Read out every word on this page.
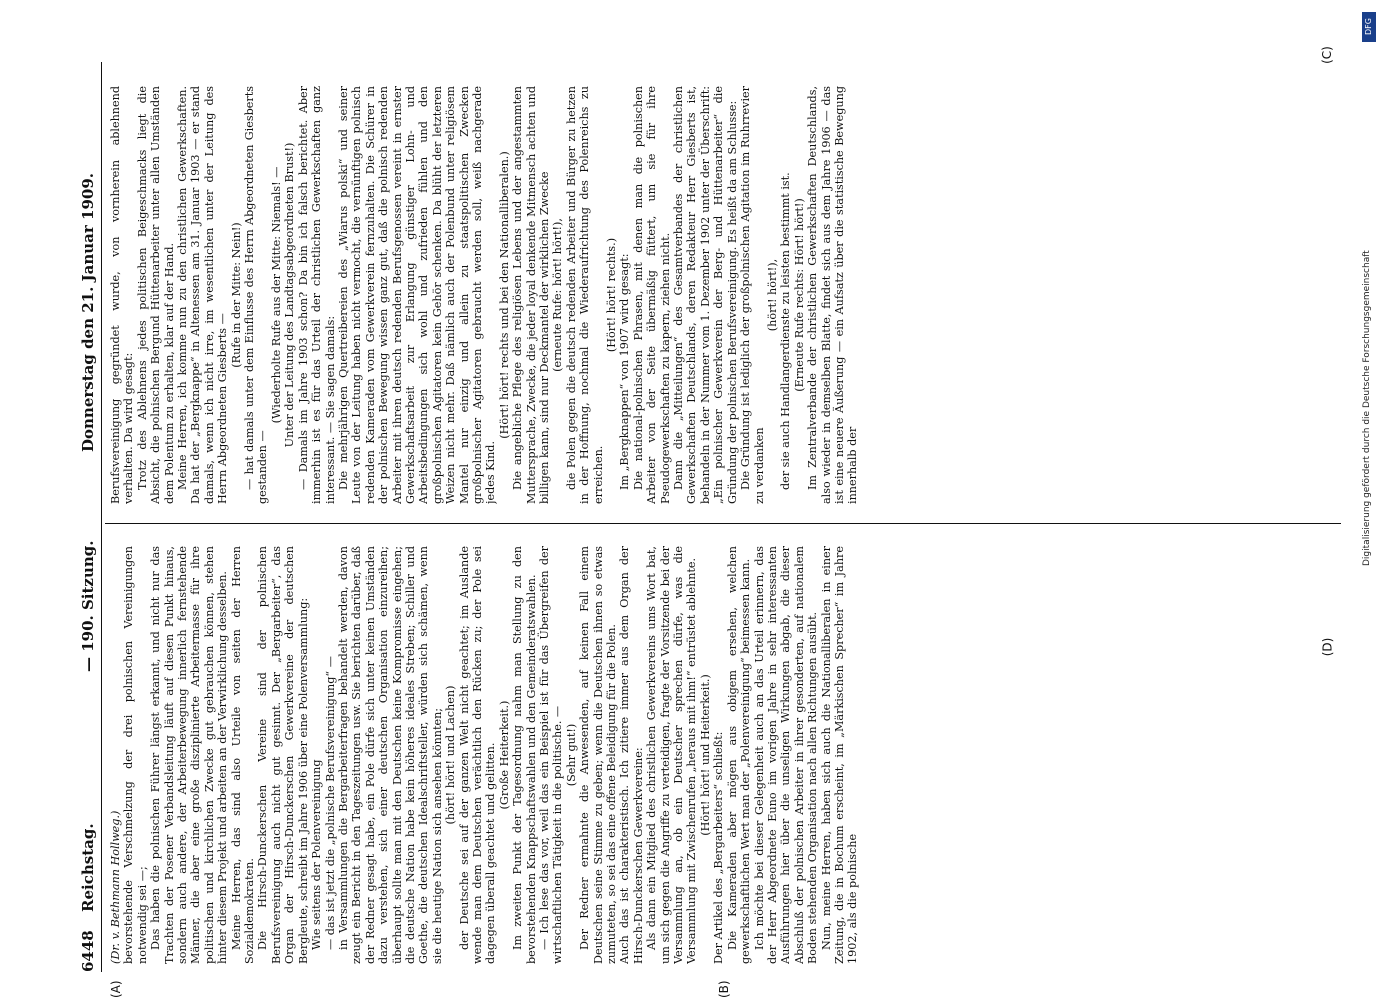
6448
Reichstag.
— 190. Sitzung.
Donnerstag den 21. Januar 1909.
(A)	(B)

(Dr. v. Bethmann Hollweg.) bevorstehende Verschmelzung der drei polnischen Vereinigungen notwendig sei —; Das haben die polnischen Führer längst erkannt, und nicht nur das Trachten der Posener Verbandsleitung läuft auf diesen Punkt hinaus, sondern auch andere, der Arbeiterbewegung innerlich fernstehende Männer, die aber eine große disziplinierte Arbeitermasse für ihre politischen und kirchlichen Zwecke gut gebrauchen können, stehen hinter diesem Projekt und arbeiten an der Verwirklichung desselben. Meine Herren, das sind also Urteile von seiten der Herren Sozialdemokraten. Die Hirsch-Dunckerschen Vereine sind der polnischen Berufsvereinigung auch nicht gut gesinnt. Der „Bergarbeiter“, das Organ der Hirsch-Dunckerschen Gewerkvereine der deutschen Bergleute, schreibt im Jahre 1906 über eine Polenversammlung: Wie seitens der Polenvereinigung — das ist jetzt die „polnische Berufsvereinigung“ — in Versammlungen die Bergarbeiterfragen behandelt werden, davon zeugt ein Bericht in den Tageszeitungen usw. Sie berichten darüber, daß der Redner gesagt habe, ein Pole dürfe sich unter keinen Umständen dazu verstehen, sich einer deutschen Organisation einzureihen; überhaupt sollte man mit den Deutschen keine Kompromisse eingehen; die deutsche Nation habe kein höheres ideales Streben; Schiller und Goethe, die deutschen Idealschriftsteller, würden sich schämen, wenn sie die heutige Nation sich ansehen könnten; (hört! hört! und Lachen) der Deutsche sei auf der ganzen Welt nicht geachtet; im Auslande wende man dem Deutschen verächtlich den Rücken zu; der Pole sei dagegen überall geachtet und gelitten. (Große Heiterkeit.) Im zweiten Punkt der Tagesordnung nahm man Stellung zu den bevorstehenden Knappschaftswahlen und den Gemeinderatswahlen. — Ich lese das vor, weil das ein Beispiel ist für das Übergreifen der wirtschaftlichen Tätigkeit in die politische. — (Sehr gut!) Der Redner ermahnte die Anwesenden, auf keinen Fall einem Deutschen seine Stimme zu geben; wenn die Deutschen ihnen so etwas zumuteten, so sei das eine offene Beleidigung für die Polen. Auch das ist charakteristisch. Ich zitiere immer aus dem Organ der Hirsch-Dunckerschen Gewerkvereine: Als dann ein Mitglied des christlichen Gewerkvereins ums Wort bat, um sich gegen die Angriffe zu verteidigen, fragte der Vorsitzende bei der Versammlung an, ob ein Deutscher sprechen dürfe, was die Versammlung mit Zwischenrufen „heraus mit ihm!“ entrüstet ablehnte. (Hört! hört! und Heiterkeit.) Der Artikel des „Bergarbeiters“ schließt: Die Kameraden aber mögen aus obigem ersehen, welchen gewerkschaftlichen Wert man der „Polenvereinigung“ beimessen kann. Ich möchte bei dieser Gelegenheit auch an das Urteil erinnern, das der Herr Abgeordnete Euno im vorigen Jahre in sehr interessanten Ausführungen hier über die unseligen Wirkungen abgab, die dieser Abschluß der polnischen Arbeiter in ihrer gesonderten, auf nationalem Boden stehenden Organisation nach allen Richtungen ausübt. Nun, meine Herren, haben sich auch die Nationalliberalen in einer Zeitung, die in Bochum erscheint, im „Märkischen Sprecher“ im Jahre 1902, als die polnische

Berufsvereinigung gegründet wurde, von vornherein ablehnend verhalten. Da wird gesagt: Trotz des Ablehnens jedes politischen Beigeschmacks liegt die Absicht, die polnischen Bergund Hüttenarbeiter unter allen Umständen dem Polentum zu erhalten, klar auf der Hand. Meine Herren, ich komme nun zu den christlichen Gewerkschaften. Da hat der „Bergknappe“ in Altenessen am 31. Januar 1903 — er stand damals, wenn ich nicht irre, im wesentlichen unter der Leitung des Herrn Abgeordneten Giesberts —

(Rufe in der Mitte: Nein!) — hat damals unter dem Einflusse des Herrn Abgeordneten Giesberts gestanden —

(Wiederholte Rufe aus der Mitte: Niemals! — Unter der Leitung des Landtagsabgeordneten Brust!) — Damals im Jahre 1903 schon? Da bin ich falsch berichtet. Aber immerhin ist es für das Urteil der christlichen Gewerkschaften ganz interessant. — Sie sagen damals: Die mehrjährigen Quertreibereien des „Wiarus polski“ und seiner Leute von der Leitung haben nicht vermocht, die vernünftigen polnisch redenden Kameraden vom Gewerkverein fernzuhalten. Die Schürer in der polnischen Bewegung wissen ganz gut, daß die polnisch redenden Arbeiter mit ihren deutsch redenden Berufsgenossen vereint in ernster Gewerkschaftsarbeit zur Erlangung günstiger Lohn- und Arbeitsbedingungen sich wohl und zufrieden fühlen und den großpolnischen Agitatoren kein Gehör schenken. Da blüht der letzteren Weizen nicht mehr. Daß nämlich auch der Polenbund unter religiösem Mantel nur einzig und allein zu staatspolitischen Zwecken großpolnischer Agitatoren gebraucht werden soll, weiß nachgerade jedes Kind.

(Hört! hört! rechts und bei den Nationalliberalen.) Die angebliche Pflege des religiösen Lebens und der angestammten Muttersprache, Zwecke, die jeder loyal denkende Mitmensch achten und billigen kann, sind nur Deckmantel der wirklichen Zwecke (erneute Rufe: hört! hört!), die Polen gegen die deutsch redenden Arbeiter und Bürger zu hetzen in der Hoffnung, nochmal die Wiederaufrichtung des Polenreichs zu erreichen.

(Hört! hört! rechts.) Im „Bergknappen“ von 1907 wird gesagt: Die national-polnischen Phrasen, mit denen man die polnischen Arbeiter von der Seite übermäßig füttert, um sie für ihre Pseudogewerkschaften zu kapern, ziehen nicht. Dann die „Mitteilungen“ des Gesamtverbandes der christlichen Gewerkschaften Deutschlands, deren Redakteur Herr Giesberts ist, behandeln in der Nummer vom 1. Dezember 1902 unter der Überschrift: „Ein polnischer Gewerkverein der Berg- und Hüttenarbeiter“ die Gründung der polnischen Berufsvereinigung. Es heißt da am Schlusse: Die Gründung ist lediglich der großpolnischen Agitation im Ruhrrevier zu verdanken

(hört! hört!), der sie auch Handlangerdienste zu leisten bestimmt ist. (Erneute Rufe rechts: Hört! hört!) Im Zentralverbande der christlichen Gewerkschaften Deutschlands, also wieder in demselben Blatte, findet sich aus dem Jahre 1906 — das ist eine neuere Äußerung — ein Aufsatz über die statistische Bewegung innerhalb der

(C)
(D)
DFG
Digitalisierung gefördert durch die Deutsche Forschungsgemeinschaft
